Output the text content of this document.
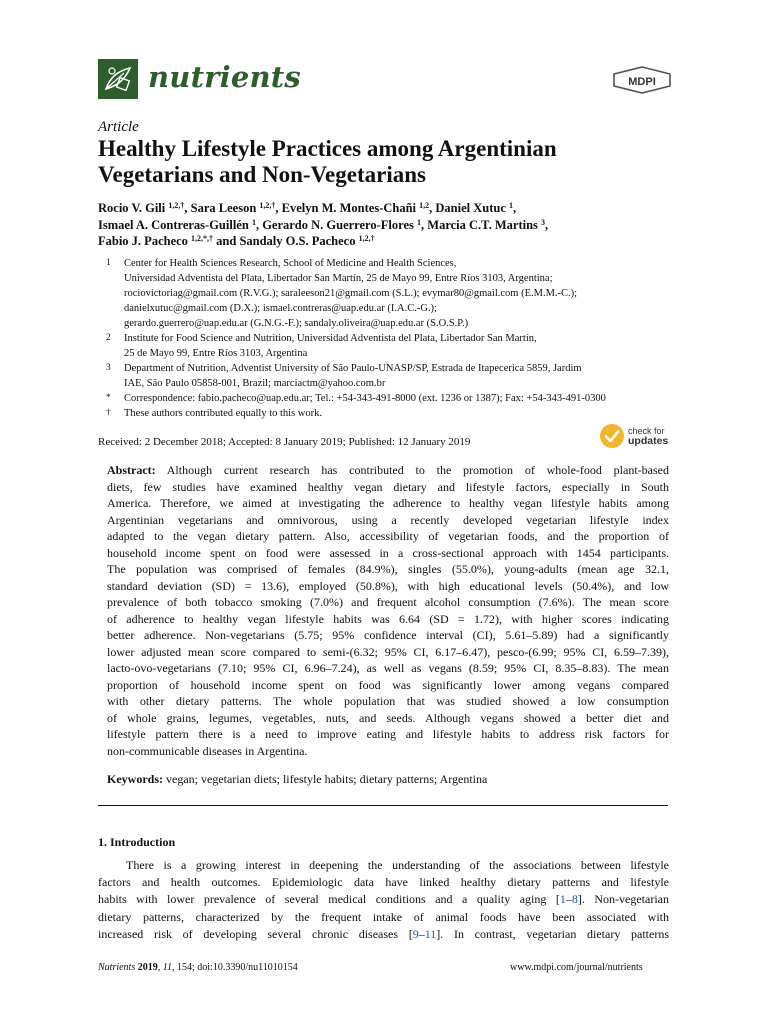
nutrients	MDPI
Article
Healthy Lifestyle Practices among Argentinian
Vegetarians and Non-Vegetarians
Rocio V. Gili $^{1,2,\dagger}$, Sara Leeson $^{1,2,\dagger}$, Evelyn M. Montes-Chañi $^{1,2}$, Daniel Xutuc $^1$,
Ismael A. Contreras-Guillén $^1$, Gerardo N. Guerrero-Flores $^1$, Marcia C.T. Martins $^3$,
Fabio J. Pacheco $^{1,2,*,\dagger}$ and Sandaly O.S. Pacheco $^{1,2,\dagger}$
1 Center for Health Sciences Research, School of Medicine and Health Sciences,
Universidad Adventista del Plata, Libertador San Martín, 25 de Mayo 99, Entre Ríos 3103, Argentina;
rociovictoriag@gmail.com (R.V.G.); saraleeson21@gmail.com (S.L.); evymar80@gmail.com (E.M.M.-C.);
danielxutuc@gmail.com (D.X.); ismael.contreras@uap.edu.ar (I.A.C.-G.);
gerardo.guerrero@uap.edu.ar (G.N.G.-F.); sandaly.oliveira@uap.edu.ar (S.O.S.P.)
2 Institute for Food Science and Nutrition, Universidad Adventista del Plata, Libertador San Martín,
25 de Mayo 99, Entre Ríos 3103, Argentina
3 Department of Nutrition, Adventist University of São Paulo-UNASP/SP, Estrada de Itapecerica 5859, Jardim
IAE, São Paulo 05858-001, Brazil; marciactm@yahoo.com.br
* Correspondence: fabio.pacheco@uap.edu.ar; Tel.: +54-343-491-8000 (ext. 1236 or 1387); Fax: +54-343-491-0300
† These authors contributed equally to this work.
Received: 2 December 2018; Accepted: 8 January 2019; Published: 12 January 2019
check for
updates
Abstract: Although current research has contributed to the promotion of whole-food plant-based
diets, few studies have examined healthy vegan dietary and lifestyle factors, especially in South
America. Therefore, we aimed at investigating the adherence to healthy vegan lifestyle habits among
Argentinian vegetarians and omnivorous, using a recently developed vegetarian lifestyle index
adapted to the vegan dietary pattern. Also, accessibility of vegetarian foods, and the proportion of
household income spent on food were assessed in a cross-sectional approach with 1454 participants.
The population was comprised of females (84.9%), singles (55.0%), young-adults (mean age 32.1,
standard deviation (SD) = 13.6), employed (50.8%), with high educational levels (50.4%), and low
prevalence of both tobacco smoking (7.0%) and frequent alcohol consumption (7.6%). The mean score
of adherence to healthy vegan lifestyle habits was 6.64 (SD = 1.72), with higher scores indicating
better adherence. Non-vegetarians (5.75; 95% confidence interval (CI), 5.61–5.89) had a significantly
lower adjusted mean score compared to semi-(6.32; 95% CI, 6.17–6.47), pesco-(6.99; 95% CI, 6.59–7.39),
lacto-ovo-vegetarians (7.10; 95% CI, 6.96–7.24), as well as vegans (8.59; 95% CI, 8.35–8.83). The mean
proportion of household income spent on food was significantly lower among vegans compared
with other dietary patterns. The whole population that was studied showed a low consumption
of whole grains, legumes, vegetables, nuts, and seeds. Although vegans showed a better diet and
lifestyle pattern there is a need to improve eating and lifestyle habits to address risk factors for
non-communicable diseases in Argentina.
Keywords: vegan; vegetarian diets; lifestyle habits; dietary patterns; Argentina
1. Introduction
There is a growing interest in deepening the understanding of the associations between lifestyle
factors and health outcomes. Epidemiologic data have linked healthy dietary patterns and lifestyle
habits with lower prevalence of several medical conditions and a quality aging [1–8]. Non-vegetarian
dietary patterns, characterized by the frequent intake of animal foods have been associated with
increased risk of developing several chronic diseases [9–11]. In contrast, vegetarian dietary patterns
Nutrients 2019, 11, 154; doi:10.3390/nu11010154	www.mdpi.com/journal/nutrients
